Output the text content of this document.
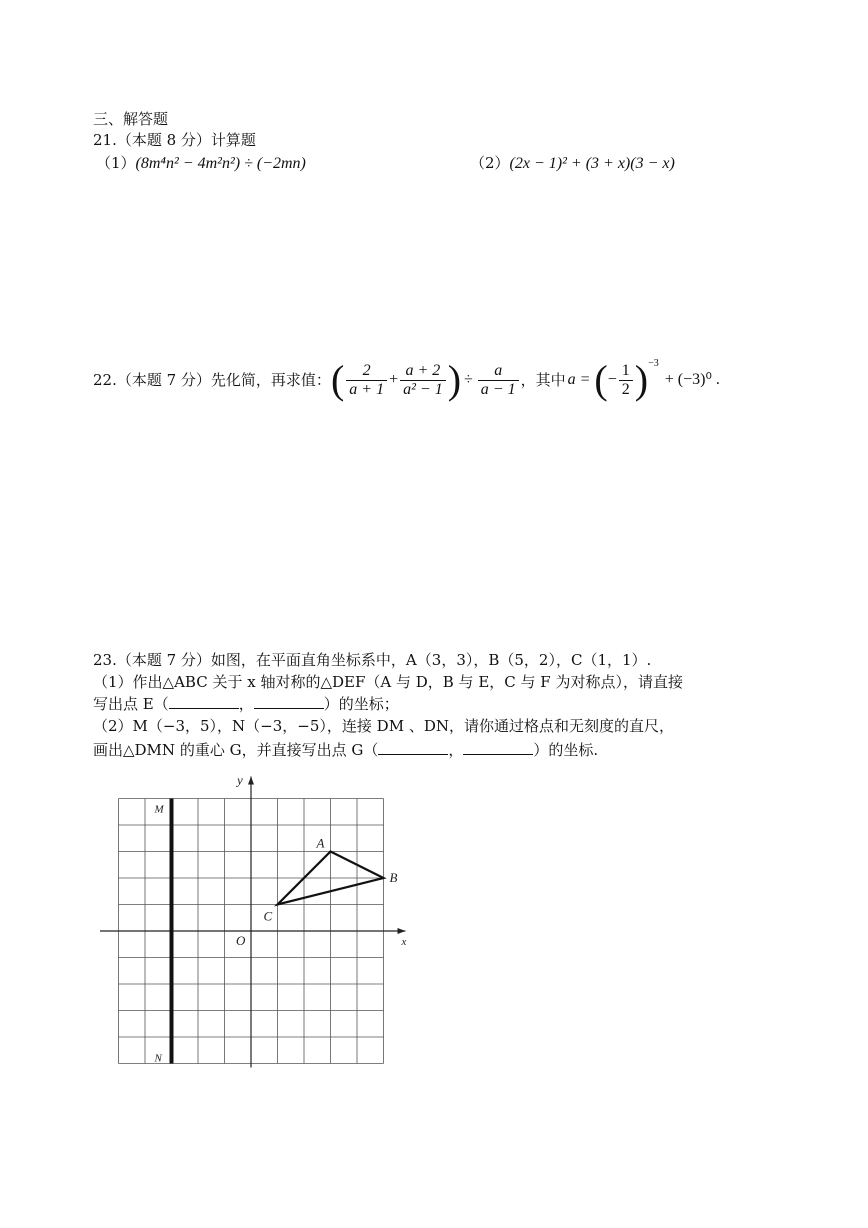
三、解答题
21.（本题 8 分）计算题
（1）(8m⁴n² − 4m²n²) ÷ (−2mn)	（2）(2x − 1)² + (3 + x)(3 − x)
22.（本题 7 分）先化简，再求值： ( $\frac{2}{a + 1} + \frac{a + 2}{\text{a² − 1}}$ ) ÷ $\frac{a}{a - 1}$ ，其中 a = ( − $\frac{1}{2}$ ) −3
+ (−3)⁰ .
23.（本题 7 分）如图，在平面直角坐标系中，A（3，3），B（5，2），C（1，1）.
（1）作出△ABC 关于 x 轴对称的△DEF（A 与 D，B 与 E，C 与 F 为对称点），请直接
写出点 E（	，	）的坐标；
（2）M（−3，5），N（−3，−5），连接 DM 、DN，请你通过格点和无刻度的直尺，
画出△DMN 的重心 G，并直接写出点 G（	，	）的坐标.
y
x
O
A
B
C
M
N
